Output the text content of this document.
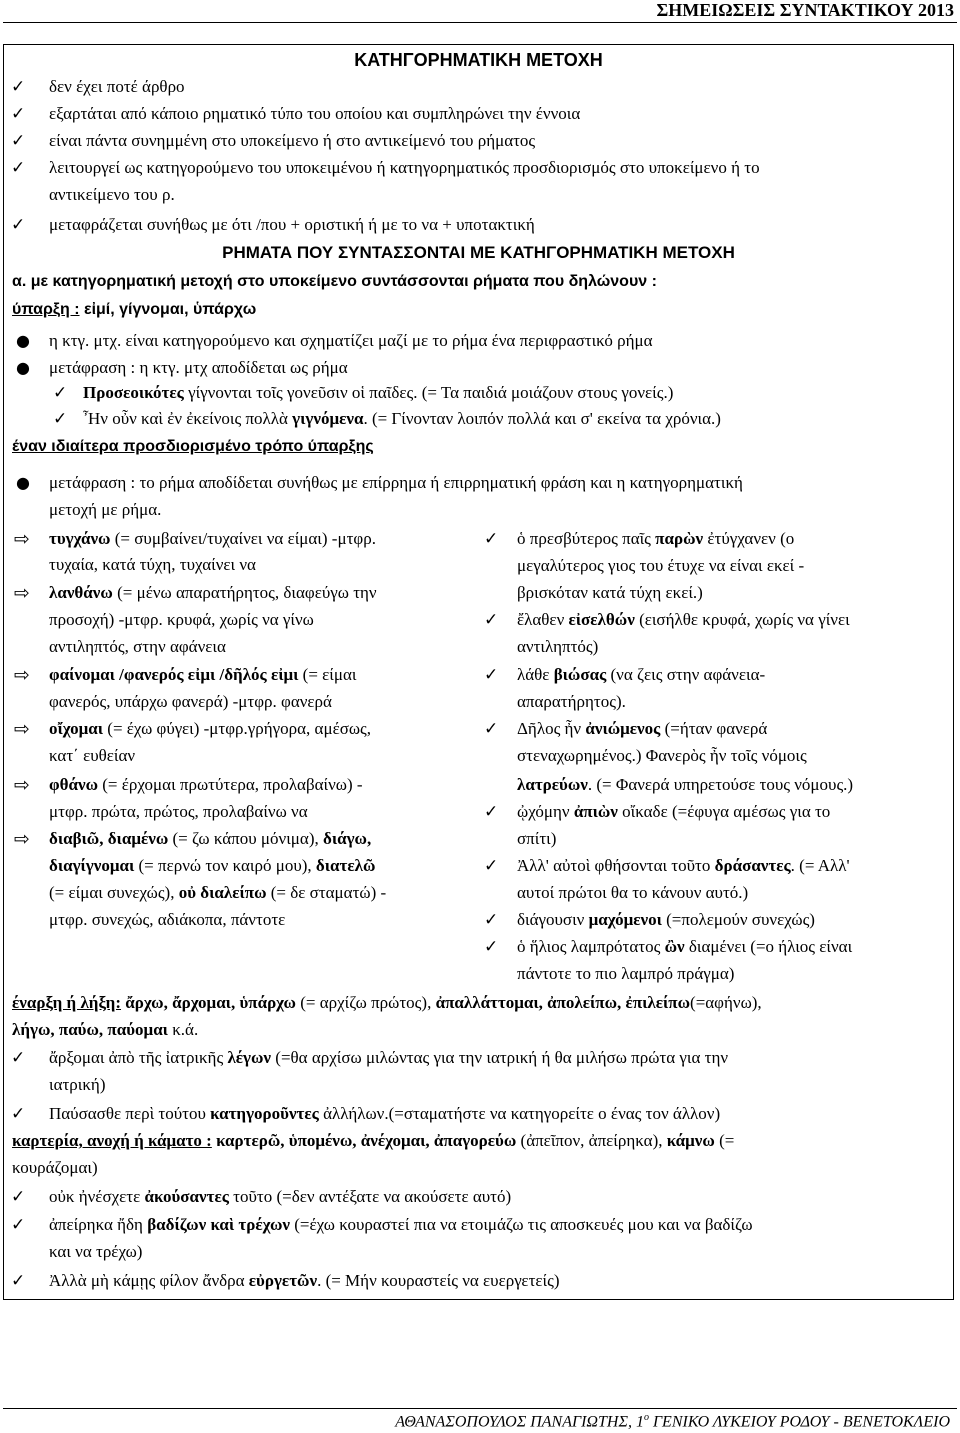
ΣΗΜΕΙΩΣΕΙΣ ΣΥΝΤΑΚΤΙΚΟΥ 2013
ΚΑΤΗΓΟΡΗΜΑΤΙΚΗ ΜΕΤΟΧΗ
✓ δεν έχει ποτέ άρθρο
✓ εξαρτάται από κάποιο ρηματικό τύπο του οποίου και συμπληρώνει την έννοια
✓ είναι πάντα συνημμένη στο υποκείμενο ή στο αντικείμενό του ρήματος
✓ λειτουργεί ως κατηγορούμενο του υποκειμένου ή κατηγορηματικός προσδιορισμός στο υποκείμενο ή το
αντικείμενο του ρ.
✓ μεταφράζεται συνήθως με ότι /που + οριστική ή με το να + υποτακτική
ΡΗΜΑΤΑ ΠΟΥ ΣΥΝΤΑΣΣΟΝΤΑΙ ΜΕ ΚΑΤΗΓΟΡΗΜΑΤΙΚΗ ΜΕΤΟΧΗ
α. με κατηγορηματική μετοχή στο υποκείμενο συντάσσονται ρήματα που δηλώνουν :
ύπαρξη : εἰμί, γίγνομαι, ὑπάρχω
● η κτγ. μτχ. είναι κατηγορούμενο και σχηματίζει μαζί με το ρήμα ένα περιφραστικό ρήμα
● μετάφραση : η κτγ. μτχ αποδίδεται ως ρήμα
✓ Προσεοικότες γίγνονται τοῖς γονεῦσιν οἱ παῖδες. (= Τα παιδιά μοιάζουν στους γονείς.)
✓ Ἦν οὖν καὶ ἐν ἐκείνοις πολλὰ γιγνόμενα. (= Γίνονταν λοιπόν πολλά και σ' εκείνα τα χρόνια.)
έναν ιδιαίτερα προσδιορισμένο τρόπο ύπαρξης
● μετάφραση : το ρήμα αποδίδεται συνήθως με επίρρημα ή επιρρηματική φράση και η κατηγορηματική
μετοχή με ρήμα.
⇨ τυγχάνω (= συμβαίνει/τυχαίνει να είμαι) -μτφρ.
τυχαία, κατά τύχη, τυχαίνει να
⇨ λανθάνω (= μένω απαρατήρητος, διαφεύγω την
προσοχή) -μτφρ. κρυφά, χωρίς να γίνω
αντιληπτός, στην αφάνεια
⇨ φαίνομαι /φανερός εἰμι /δῆλός εἰμι (= είμαι
φανερός, υπάρχω φανερά) -μτφρ. φανερά
⇨ οἴχομαι (= έχω φύγει) -μτφρ.γρήγορα, αμέσως,
κατ΄ ευθείαν
⇨ φθάνω (= έρχομαι πρωτύτερα, προλαβαίνω) -
μτφρ. πρώτα, πρώτος, προλαβαίνω να
⇨ διαβιῶ, διαμένω (= ζω κάπου μόνιμα), διάγω,
διαγίγνομαι (= περνώ τον καιρό μου), διατελῶ
(= είμαι συνεχώς), οὐ διαλείπω (= δε σταματώ) -
μτφρ. συνεχώς, αδιάκοπα, πάντοτε
✓ ὁ πρεσβύτερος παῖς παρὼν ἐτύγχανεν (ο
μεγαλύτερος γιος του έτυχε να είναι εκεί -
βρισκόταν κατά τύχη εκεί.)
✓ ἔλαθεν εἰσελθών (εισήλθε κρυφά, χωρίς να γίνει
αντιληπτός)
✓ λάθε βιώσας (να ζεις στην αφάνεια-
απαρατήρητος).
✓ Δῆλος ἦν ἀνιώμενος (=ήταν φανερά
στεναχωρημένος.) Φανερὸς ἦν τοῖς νόμοις
λατρεύων. (= Φανερά υπηρετούσε τους νόμους.)
✓ ᾠχόμην ἀπιὼν οἴκαδε (=έφυγα αμέσως για το
σπίτι)
✓ Ἀλλ' αὐτοὶ φθήσονται τοῦτο δράσαντες. (= Αλλ'
αυτοί πρώτοι θα το κάνουν αυτό.)
✓ διάγουσιν μαχόμενοι (=πολεμούν συνεχώς)
✓ ὁ ἥλιος λαμπρότατος ὢν διαμένει (=ο ήλιος είναι
πάντοτε το πιο λαμπρό πράγμα)
έναρξη ή λήξη: ἄρχω, ἄρχομαι, ὑπάρχω (= αρχίζω πρώτος), ἀπαλλάττομαι, ἀπολείπω, ἐπιλείπω(=αφήνω),
λήγω, παύω, παύομαι κ.ά.
✓ ἄρξομαι ἀπὸ τῆς ἰατρικῆς λέγων (=θα αρχίσω μιλώντας για την ιατρική ή θα μιλήσω πρώτα για την
ιατρική)
✓ Παύσασθε περὶ τούτου κατηγοροῦντες ἀλλήλων.(=σταματήστε να κατηγορείτε ο ένας τον άλλον)
καρτερία, ανοχή ή κάματο : καρτερῶ, ὑπομένω, ἀνέχομαι, ἀπαγορεύω (ἀπεῖπον, ἀπείρηκα), κάμνω (=
κουράζομαι)
✓ οὐκ ἠνέσχετε ἀκούσαντες τοῦτο (=δεν αντέξατε να ακούσετε αυτό)
✓ ἀπείρηκα ἤδη βαδίζων καὶ τρέχων (=έχω κουραστεί πια να ετοιμάζω τις αποσκευές μου και να βαδίζω
και να τρέχω)
✓ Ἀλλὰ μὴ κάμῃς φίλον ἄνδρα εὐργετῶν. (= Μήν κουραστείς να ευεργετείς)
ΑΘΑΝΑΣΟΠΟΥΛΟΣ ΠΑΝΑΓΙΩΤΗΣ, $1^o$ ΓΕΝΙΚΟ ΛΥΚΕΙΟΥ ΡΟΔΟΥ - ΒΕΝΕΤΟΚΛΕΙΟ
